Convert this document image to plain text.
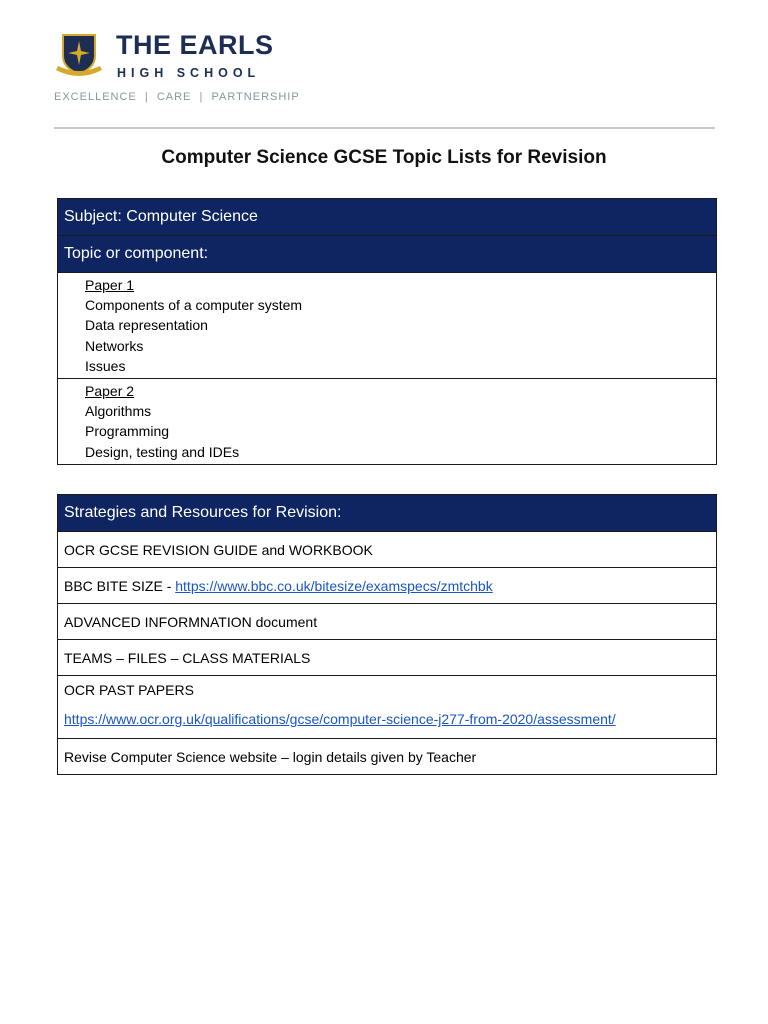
THE EARLS
HIGH SCHOOL
EXCELLENCE  |  CARE  |  PARTNERSHIP
Computer Science GCSE Topic Lists for Revision
Subject: Computer Science
Topic or component:

Paper 1
Components of a computer system
Data representation
Networks
Issues

Paper 2
Algorithms
Programming
Design, testing and IDEs
Strategies and Resources for Revision:
OCR GCSE REVISION GUIDE and WORKBOOK
BBC BITE SIZE - https://www.bbc.co.uk/bitesize/examspecs/zmtchbk
ADVANCED INFORMNATION document
TEAMS – FILES – CLASS MATERIALS

OCR PAST PAPERS
https://www.ocr.org.uk/qualifications/gcse/computer-science-j277-from-2020/assessment/
Revise Computer Science website – login details given by Teacher
